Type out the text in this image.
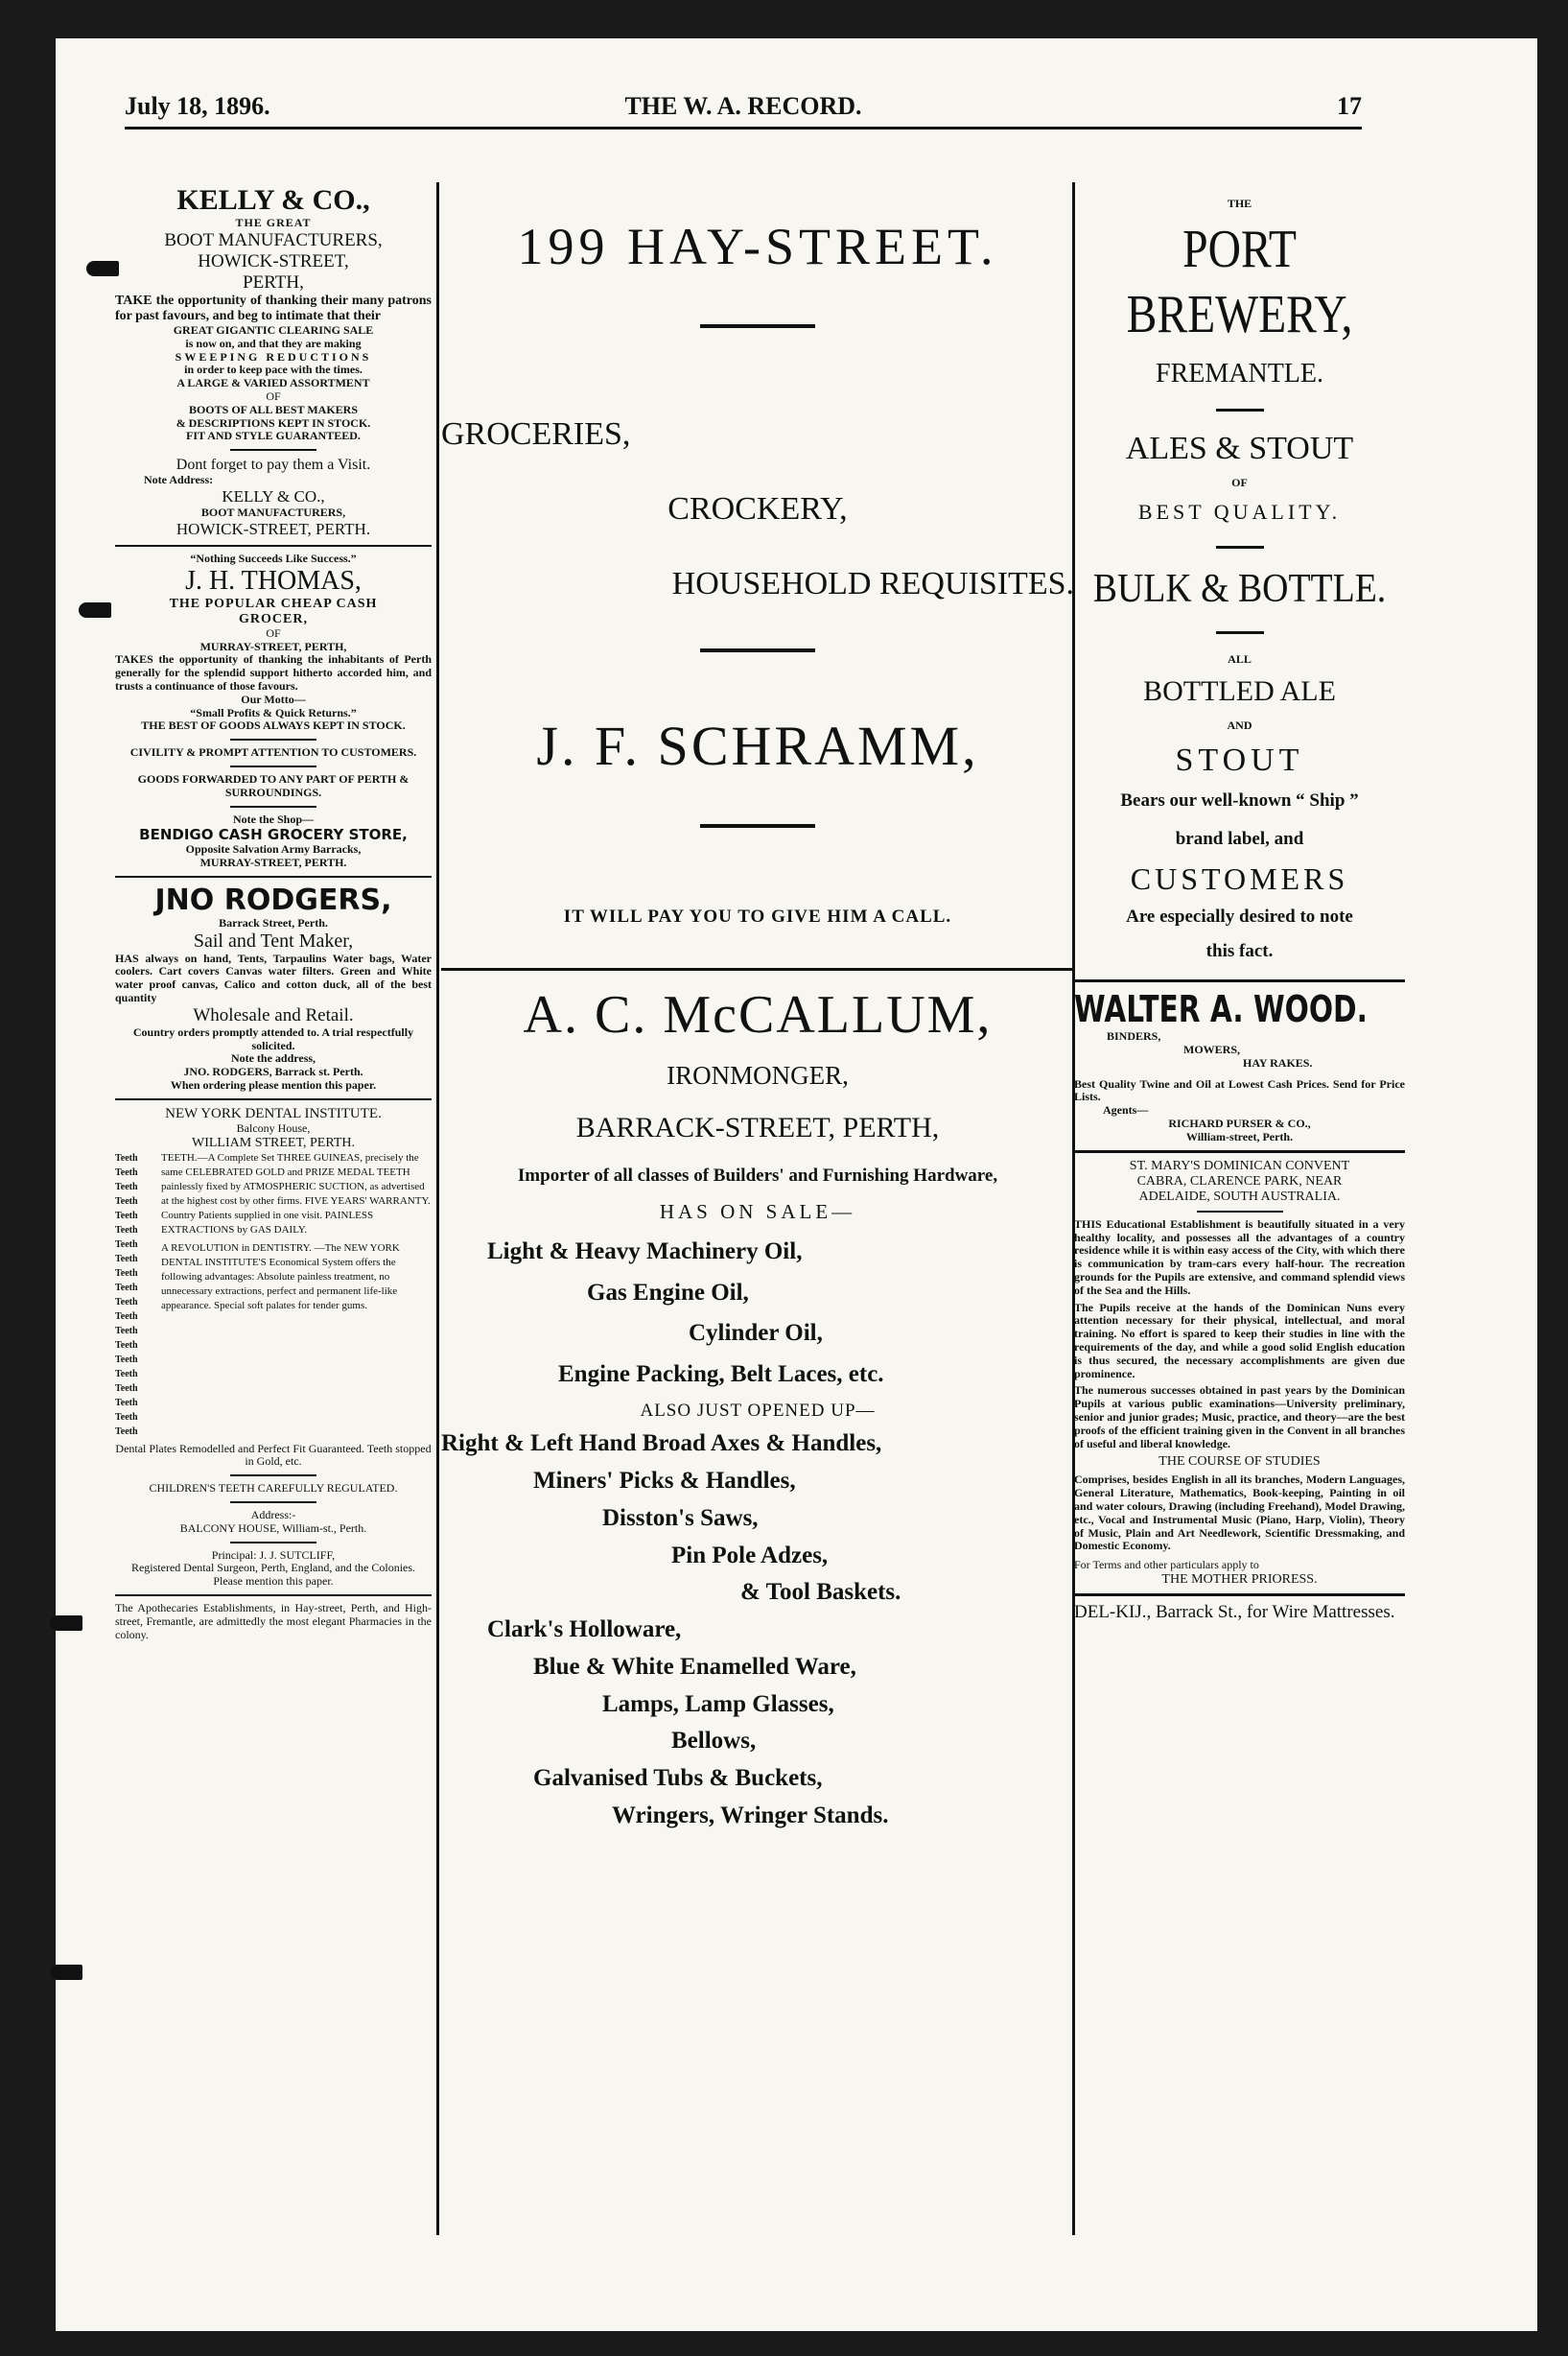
July 18, 1896.	THE W. A. RECORD.	17
KELLY & CO.,
THE GREAT
BOOT MANUFACTURERS,
HOWICK-STREET,
PERTH,
TAKE the opportunity of thanking their many patrons for past favours, and beg to intimate that their
GREAT GIGANTIC CLEARING SALE
is now on, and that they are making
SWEEPING REDUCTIONS
in order to keep pace with the times.
A LARGE & VARIED ASSORTMENT
OF
BOOTS OF ALL BEST MAKERS
& DESCRIPTIONS KEPT IN STOCK.
FIT AND STYLE GUARANTEED.
Dont forget to pay them a Visit.
Note Address:
KELLY & CO.,
BOOT MANUFACTURERS,
HOWICK-STREET, PERTH.
“Nothing Succeeds Like Success.”
J. H. THOMAS,
THE POPULAR CHEAP CASH
GROCER,
OF
MURRAY-STREET, PERTH,
TAKES the opportunity of thanking the inhabitants of Perth generally for the splendid support hitherto accorded him, and trusts a continuance of those favours.
Our Motto—
“Small Profits & Quick Returns.”
THE BEST OF GOODS ALWAYS KEPT IN STOCK.
CIVILITY & PROMPT ATTENTION TO CUSTOMERS.
GOODS FORWARDED TO ANY PART OF PERTH & SURROUNDINGS.
Note the Shop—
BENDIGO CASH GROCERY STORE,
Opposite Salvation Army Barracks,
MURRAY-STREET, PERTH.
JNO RODGERS,
Barrack Street, Perth.
Sail and Tent Maker,
HAS always on hand, Tents, Tarpaulins Water bags, Water coolers. Cart covers Canvas water filters. Green and White water proof canvas, Calico and cotton duck, all of the best quantity
Wholesale and Retail.
Country orders promptly attended to. A trial respectfully solicited.
Note the address,
JNO. RODGERS, Barrack st. Perth.
When ordering please mention this paper.
NEW YORK DENTAL INSTITUTE.
Balcony House,
WILLIAM STREET, PERTH.
Teeth
Teeth
Teeth
Teeth
Teeth
Teeth
Teeth
Teeth
Teeth
Teeth
Teeth
Teeth
Teeth
Teeth
Teeth
Teeth
Teeth
Teeth
Teeth
Teeth
TEETH.—A Complete Set THREE GUINEAS, precisely the same CELEBRATED GOLD and PRIZE MEDAL TEETH painlessly fixed by ATMOSPHERIC SUCTION, as advertised at the highest cost by other firms. FIVE YEARS' WARRANTY. Country Patients supplied in one visit. PAINLESS EXTRACTIONS by GAS DAILY.
A REVOLUTION in DENTISTRY. —The NEW YORK DENTAL INSTITUTE'S Economical System offers the following advantages: Absolute painless treatment, no unnecessary extractions, perfect and permanent life-like appearance. Special soft palates for tender gums.
Dental Plates Remodelled and Perfect Fit Guaranteed. Teeth stopped in Gold, etc.
CHILDREN'S TEETH CAREFULLY REGULATED.
Address:-
BALCONY HOUSE, William-st., Perth.
Principal: J. J. SUTCLIFF,
Registered Dental Surgeon, Perth, England, and the Colonies.
Please mention this paper.
The Apothecaries Establishments, in Hay-street, Perth, and High-street, Fremantle, are admittedly the most elegant Pharmacies in the colony.
199 HAY-STREET.
GROCERIES,
CROCKERY,
HOUSEHOLD REQUISITES.
J. F. SCHRAMM,
IT WILL PAY YOU TO GIVE HIM A CALL.
A. C. McCALLUM,
IRONMONGER,
BARRACK-STREET, PERTH,
Importer of all classes of Builders' and Furnishing Hardware,
HAS ON SALE—
Light & Heavy Machinery Oil,
Gas Engine Oil,
Cylinder Oil,
Engine Packing, Belt Laces, etc.
ALSO JUST OPENED UP—
Right & Left Hand Broad Axes & Handles,
Miners' Picks & Handles,
Disston's Saws,
Pin Pole Adzes,
& Tool Baskets.
Clark's Holloware,
Blue & White Enamelled Ware,
Lamps, Lamp Glasses,
Bellows,
Galvanised Tubs & Buckets,
Wringers, Wringer Stands.
THE
PORT
BREWERY,
FREMANTLE.
ALES & STOUT
OF
BEST QUALITY.
BULK & BOTTLE.
ALL
BOTTLED ALE
AND
STOUT
Bears our well-known “ Ship ”
brand label, and
CUSTOMERS
Are especially desired to note
this fact.
WALTER A. WOOD.
BINDERS,
MOWERS,
HAY RAKES.
Best Quality Twine and Oil at Lowest Cash Prices. Send for Price Lists.
Agents—
RICHARD PURSER & CO.,
William-street, Perth.
ST. MARY'S DOMINICAN CONVENT
CABRA, CLARENCE PARK, NEAR
ADELAIDE, SOUTH AUSTRALIA.
THIS Educational Establishment is beautifully situated in a very healthy locality, and possesses all the advantages of a country residence while it is within easy access of the City, with which there is communication by tram-cars every half-hour. The recreation grounds for the Pupils are extensive, and command splendid views of the Sea and the Hills.
The Pupils receive at the hands of the Dominican Nuns every attention necessary for their physical, intellectual, and moral training. No effort is spared to keep their studies in line with the requirements of the day, and while a good solid English education is thus secured, the necessary accomplishments are given due prominence.
The numerous successes obtained in past years by the Dominican Pupils at various public examinations—University preliminary, senior and junior grades; Music, practice, and theory—are the best proofs of the efficient training given in the Convent in all branches of useful and liberal knowledge.
THE COURSE OF STUDIES
Comprises, besides English in all its branches, Modern Languages, General Literature, Mathematics, Book-keeping, Painting in oil and water colours, Drawing (including Freehand), Model Drawing, etc., Vocal and Instrumental Music (Piano, Harp, Violin), Theory of Music, Plain and Art Needlework, Scientific Dressmaking, and Domestic Economy.
For Terms and other particulars apply to
THE MOTHER PRIORESS.
DEL-KIJ., Barrack St., for Wire Mattresses.
